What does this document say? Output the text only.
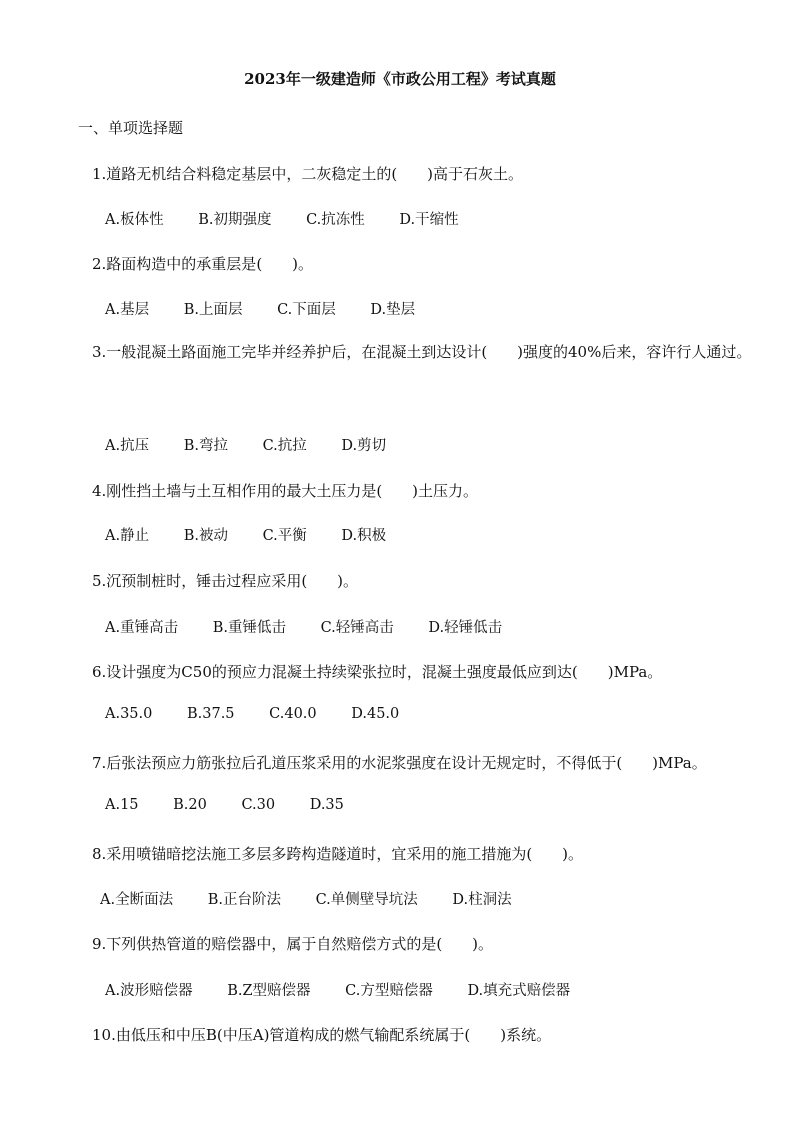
2023年一级建造师《市政公用工程》考试真题
一、单项选择题
1.道路无机结合料稳定基层中，二灰稳定土的(　　)高于石灰土。
A.板体性 B.初期强度 C.抗冻性 D.干缩性
2.路面构造中的承重层是(　　)。
A.基层 B.上面层 C.下面层 D.垫层
3.一般混凝土路面施工完毕并经养护后，在混凝土到达设计(　　)强度的40%后来，容许行人通过。
A.抗压 B.弯拉 C.抗拉 D.剪切
4.刚性挡土墙与土互相作用的最大土压力是(　　)土压力。
A.静止 B.被动 C.平衡 D.积极
5.沉预制桩时，锤击过程应采用(　　)。
A.重锤高击 B.重锤低击 C.轻锤高击 D.轻锤低击
6.设计强度为C50的预应力混凝土持续梁张拉时，混凝土强度最低应到达(　　)MPa。
A.35.0 B.37.5 C.40.0 D.45.0
7.后张法预应力筋张拉后孔道压浆采用的水泥浆强度在设计无规定时，不得低于(　　)MPa。
A.15 B.20 C.30 D.35
8.采用喷锚暗挖法施工多层多跨构造隧道时，宜采用的施工措施为(　　)。
A.全断面法 B.正台阶法 C.单侧壁导坑法 D.柱洞法
9.下列供热管道的赔偿器中，属于自然赔偿方式的是(　　)。
A.波形赔偿器 B.Z型赔偿器 C.方型赔偿器 D.填充式赔偿器
10.由低压和中压B(中压A)管道构成的燃气输配系统属于(　　)系统。
